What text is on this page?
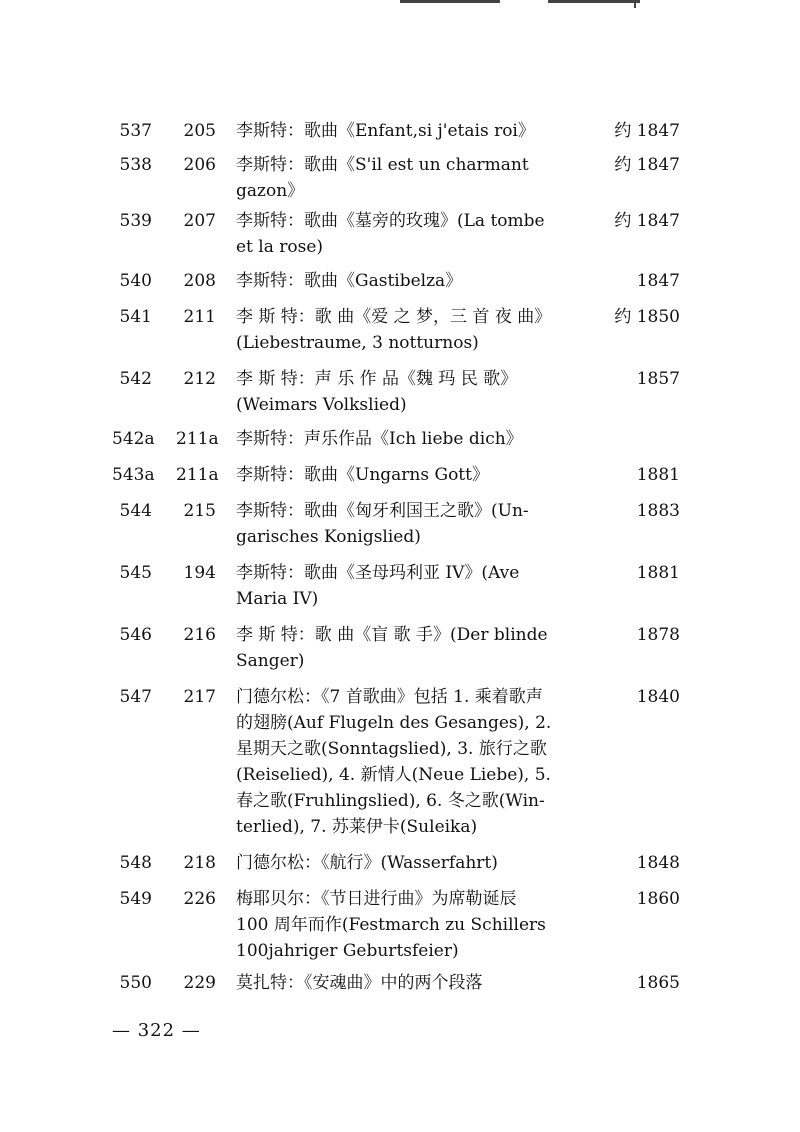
537	205 李斯特：歌曲《Enfant,si j'etais roi》	约 1847
538	206 李斯特：歌曲《S'il est un charmant
gazon》
约 1847
539	207 李斯特：歌曲《墓旁的玫瑰》(La tombe
et la rose)
约 1847
540	208 李斯特：歌曲《Gastibelza》	1847
541	211 李 斯 特：歌 曲《爱 之 梦，三 首 夜 曲》
(Liebestraume, 3 notturnos)
约 1850
542	212 李 斯 特：声 乐 作 品《魏 玛 民 歌》
(Weimars Volkslied)
1857
542a 211a 李斯特：声乐作品《Ich liebe dich》
543a 211a 李斯特：歌曲《Ungarns Gott》	1881
544	215 李斯特：歌曲《匈牙利国王之歌》(Un-
garisches Konigslied)
1883
545	194 李斯特：歌曲《圣母玛利亚 IV》(Ave
Maria IV)
1881
546	216 李 斯 特：歌 曲《盲 歌 手》(Der blinde
Sanger)
1878
547	217 门德尔松：《7 首歌曲》包括 1. 乘着歌声
的翅膀(Auf Flugeln des Gesanges), 2.
星期天之歌(Sonntagslied), 3. 旅行之歌
(Reiselied), 4. 新情人(Neue Liebe), 5.
春之歌(Fruhlingslied), 6. 冬之歌(Win-
terlied), 7. 苏莱伊卡(Suleika)
1840
548	218 门德尔松：《航行》(Wasserfahrt)	1848
549	226 梅耶贝尔：《节日进行曲》为席勒诞辰
100 周年而作(Festmarch zu Schillers
100jahriger Geburtsfeier)
1860
550	229 莫扎特：《安魂曲》中的两个段落	1865
— 322 —
